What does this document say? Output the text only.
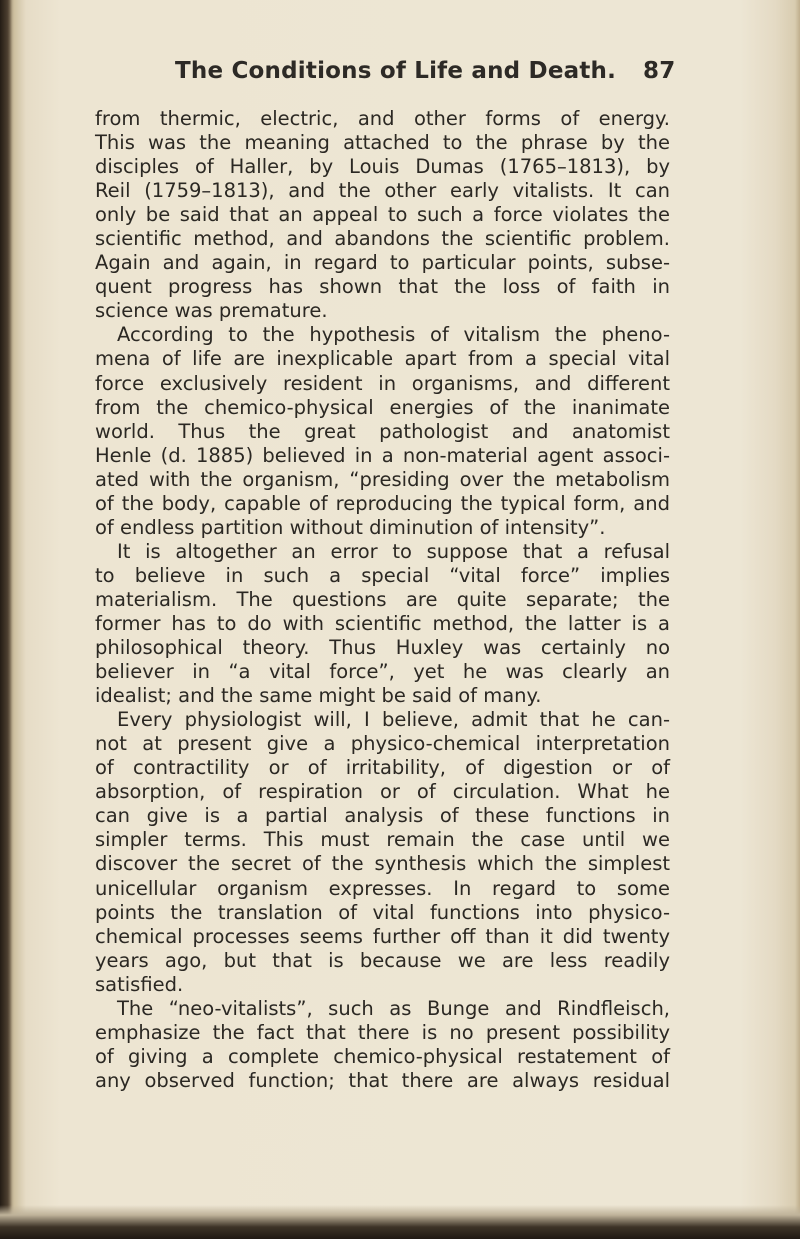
The Conditions of Life and Death. 87
from thermic, electric, and other forms of energy.
This was the meaning attached to the phrase by the
disciples of Haller, by Louis Dumas (1765–1813), by
Reil (1759–1813), and the other early vitalists. It can
only be said that an appeal to such a force violates the
scientific method, and abandons the scientific problem.
Again and again, in regard to particular points, subse-
quent progress has shown that the loss of faith in
science was premature.
According to the hypothesis of vitalism the pheno-
mena of life are inexplicable apart from a special vital
force exclusively resident in organisms, and different
from the chemico-physical energies of the inanimate
world. Thus the great pathologist and anatomist
Henle (d. 1885) believed in a non-material agent associ-
ated with the organism, “presiding over the metabolism
of the body, capable of reproducing the typical form, and
of endless partition without diminution of intensity”.
It is altogether an error to suppose that a refusal
to believe in such a special “vital force” implies
materialism. The questions are quite separate; the
former has to do with scientific method, the latter is a
philosophical theory. Thus Huxley was certainly no
believer in “a vital force”, yet he was clearly an
idealist; and the same might be said of many.
Every physiologist will, I believe, admit that he can-
not at present give a physico-chemical interpretation
of contractility or of irritability, of digestion or of
absorption, of respiration or of circulation. What he
can give is a partial analysis of these functions in
simpler terms. This must remain the case until we
discover the secret of the synthesis which the simplest
unicellular organism expresses. In regard to some
points the translation of vital functions into physico-
chemical processes seems further off than it did twenty
years ago, but that is because we are less readily
satisfied.
The “neo-vitalists”, such as Bunge and Rindfleisch,
emphasize the fact that there is no present possibility
of giving a complete chemico-physical restatement of
any observed function; that there are always residual
